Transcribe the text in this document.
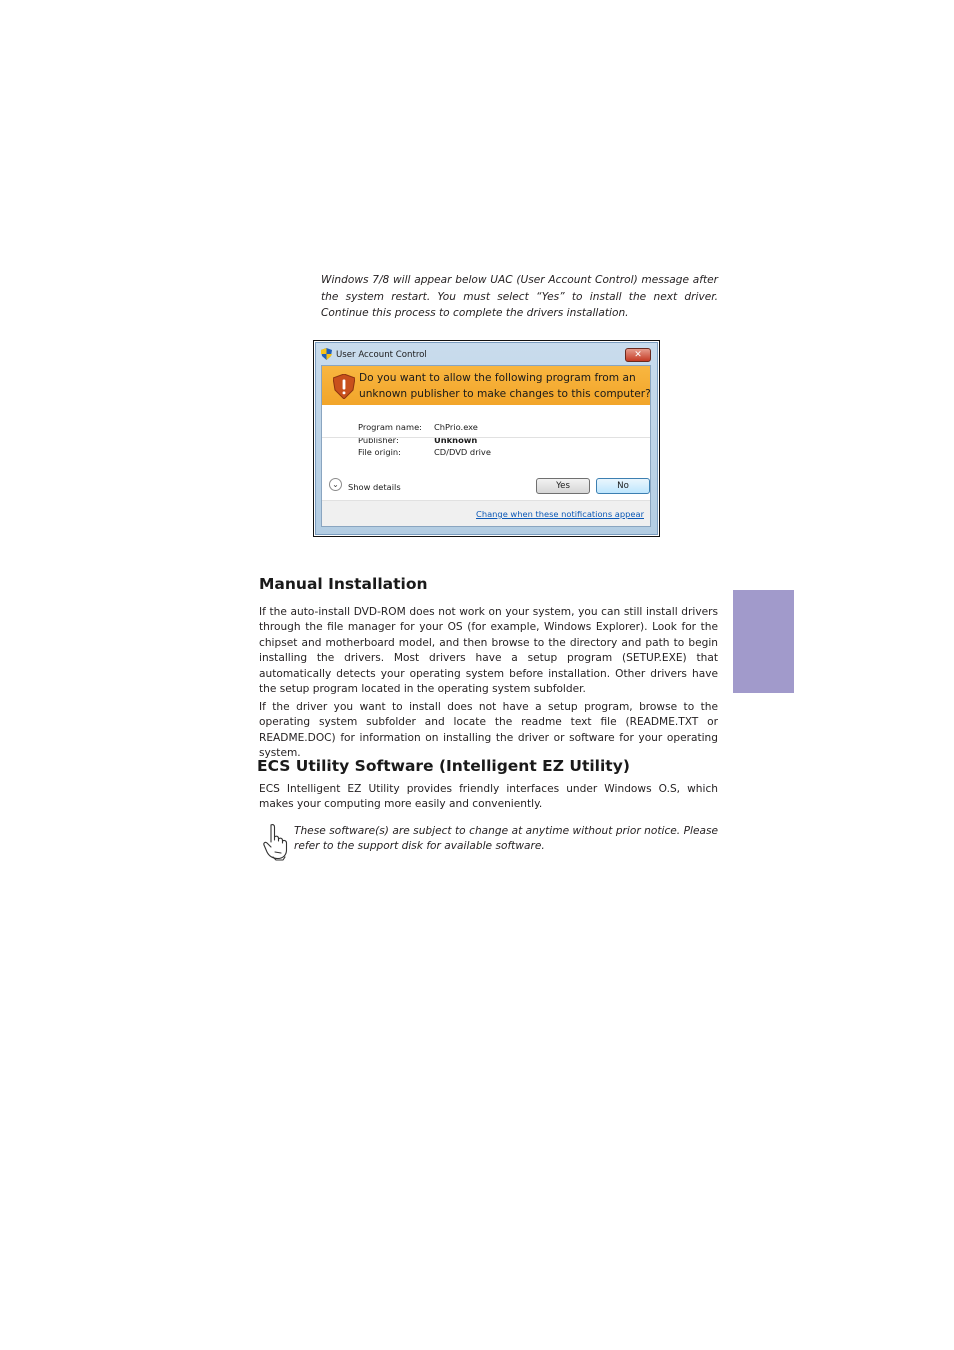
Windows 7/8 will appear below UAC (User Account Control) message after the system restart. You must select “Yes” to install the next driver. Continue this process to complete the drivers installation.

User Account Control	✕
Do you want to allow the following program from an unknown publisher to make changes to this computer?
Program name: ChPrio.exe
Publisher:	Unknown
File origin:	CD/DVD drive
⌄	Show details	Yes	No
Change when these notifications appear
Manual Installation

If the auto-install DVD-ROM does not work on your system, you can still install drivers through the file manager for your OS (for example, Windows Explorer). Look for the chipset and motherboard model, and then browse to the directory and path to begin installing the drivers. Most drivers have a setup program (SETUP.EXE) that automatically detects your operating system before installation. Other drivers have the setup program located in the operating system subfolder.

If the driver you want to install does not have a setup program, browse to the operating system subfolder and locate the readme text file (README.TXT or README.DOC) for information on installing the driver or software for your operating system.

ECS Utility Software (Intelligent EZ Utility)

ECS Intelligent EZ Utility provides friendly interfaces under Windows O.S, which makes your computing more easily and conveniently.

These software(s) are subject to change at anytime without prior notice. Please refer to the support disk for available software.
